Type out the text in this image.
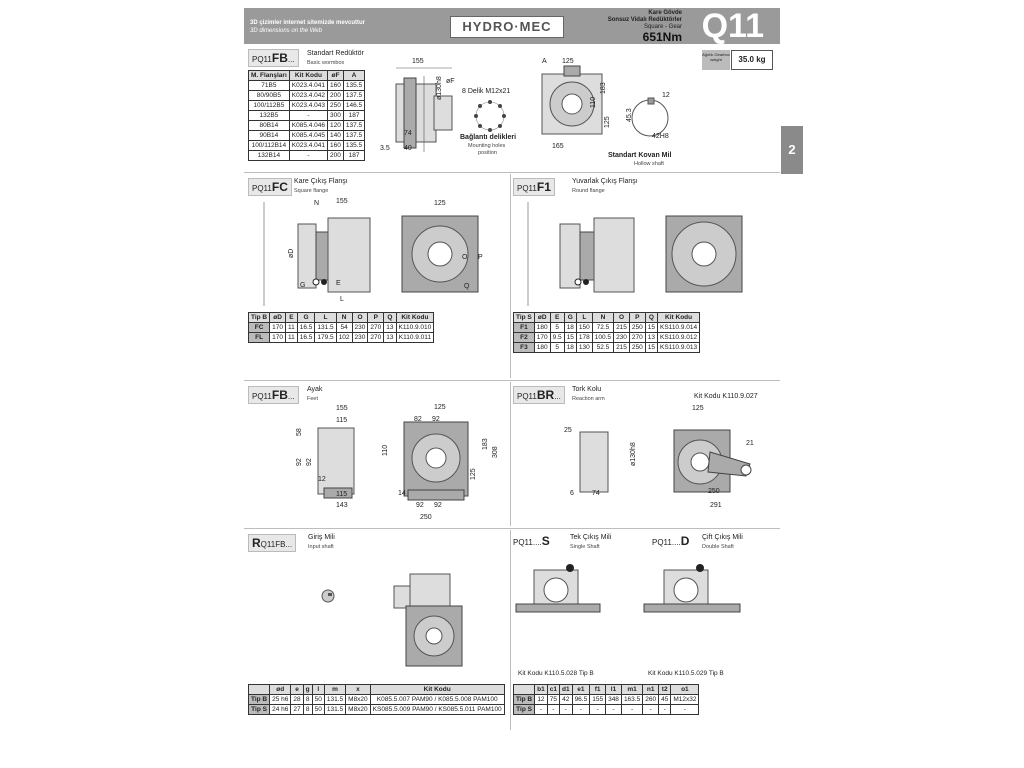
3D çizimler internet sitemizde mevcuttur
3D dimensions on the Web	HYDRO·MEC
Kare Gövde
Sonsuz Vidalı Redüktörler
Square - Gear
651Nm Q11
Ağırlık Gearbox weight	35.0 kg
2
PQ11FB...
Standart Redüktör
Basic wormbox
M. Flanşları	Kit Kodu	øF	A
71B5	K023.4.041	160	135.5
80/90B5	K023.4.042	200	137.5
100/112B5	K023.4.043	250	146.5
132B5	-	300	187
80B14	K085.4.046	120	137.5
90B14	K085.4.045	140	137.5
100/112B14	K023.4.041	160	135.5
132B14	-	200	187
155
øF
ø130h8
74
3.5 40
8 Delik M12x21
Bağlantı delikleri
Mounting holes
position
A 125
183
110
125
165
12
45.3
42H8
Standart Kovan Mil
Hollow shaft
PQ11FC Kare Çıkış Flanşı
Square flange
N 155
øD
G
L
E
125
O P
Q
Tip B	øD	E	G	L	N	O	P	Q	Kit Kodu
FC	170	11	16.5	131.5	54	230	270	13	K110.9.010
FL	170	11	16.5	179.5	102	230	270	13	K110.9.011
PQ11F1	Yuvarlak Çıkış Flanşı
Round flange
Tip S	øD	E	G	L	N	O	P	Q	Kit Kodu
F1	180	5	18	150	72.5	215	250	15	KS110.9.014
F2	170	9.5	15	178	100.5	230	270	13	KS110.9.012
F3	180	5	18	130	52.5	215	250	15	KS110.9.013
PQ11FB...
Ayak
Feet
155
115
58
92 92
12
115
143
125
82 92
110
183
308
125
14
92 92
250
PQ11BR...
Tork Kolu
Reaction arm	Kit Kodu K110.9.027
125
25
ø130h8
6	74
21
250
291
RQ11FB...
Giriş Mili
Input shaft
	ød	e	g	l	m	x	Kit Kodu
Tip B	25 h6	28	8	50	131.5	M8x20	K085.5.007 PAM90 / K085.5.008 PAM100
Tip S	24 h6	27	8	50	131.5	M8x20	KS085.5.009 PAM90 / KS085.5.011 PAM100
PQ11....S	Tek Çıkış Mili
Single Shaft	PQ11....D Çift Çıkış Mili
Double Shaft
Kit Kodu K110.5.028 Tip B	Kit Kodu K110.5.029 Tip B
	b1	c1	d1	e1	f1	l1	m1	n1	t2	o1
Tip B	12	75	42	96.5	155	348	163.5	260	45	M12x32
Tip S	-	-	-	-	-	-	-	-	-	-
